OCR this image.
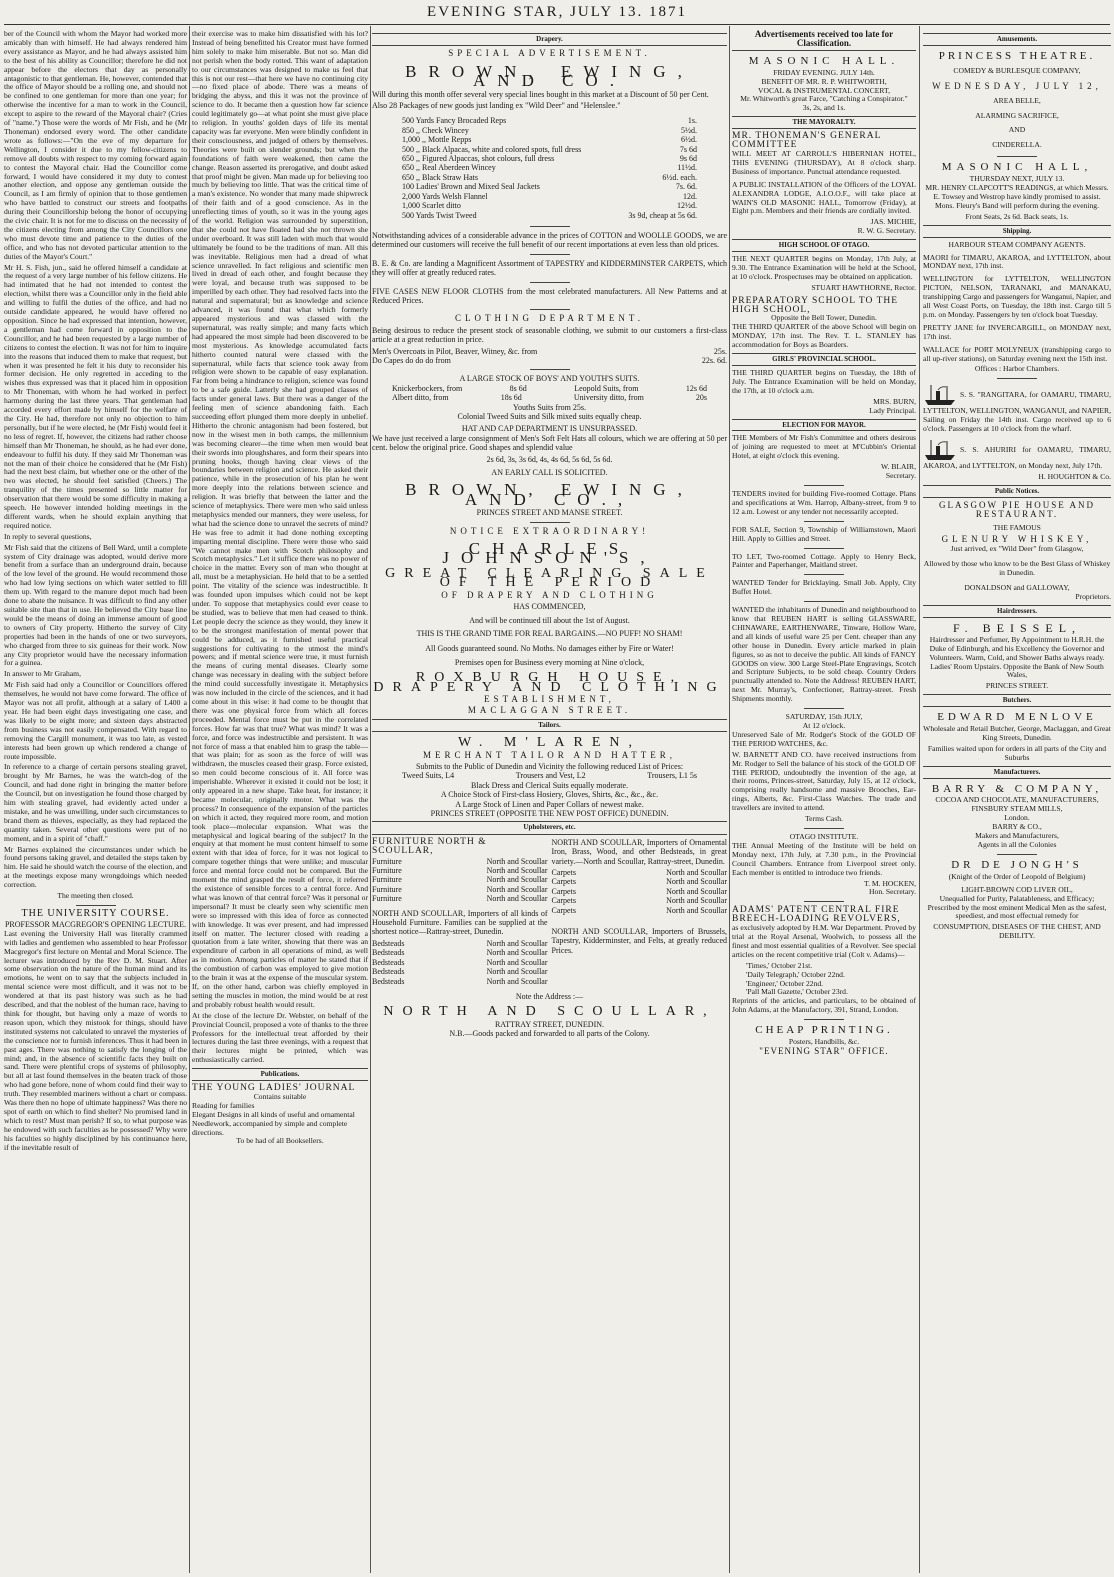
EVENING STAR, JULY 13. 1871

ber of the Council with whom the Mayor had worked more amicably than with himself. He had always rendered him every assistance as Mayor, and he had always assisted him to the best of his ability as Councillor; therefore he did not appear before the electors that day as personally antagonistic to that gentleman. He, however, contended that the office of Mayor should be a rolling one, and should not be confined to one gentleman for more than one year; for otherwise the incentive for a man to work in the Council, except to aspire to the reward of the Mayoral chair? (Cries of "name.") Those were the words of Mr Fish, and he (Mr Thoneman) endorsed every word. The other candidate wrote as follows:—"On the eve of my departure for Wellington, I consider it due to my fellow-citizens to remove all doubts with respect to my coming forward again to contest the Mayoral chair. Had the Councillor come forward, I would have considered it my duty to contest another election, and oppose any gentleman outside the Council, as I am firmly of opinion that to those gentlemen who have battled to construct our streets and footpaths during their Councillorship belong the honor of occupying the civic chair. It is not for me to discuss on the necessity of the citizens electing from among the City Councillors one who must devote time and patience to the duties of the office, and who has not devoted particular attention to the duties of the Mayor's Court."

Mr H. S. Fish, jun., said he offered himself a candidate at the request of a very large number of his fellow citizens. He had intimated that he had not intended to contest the election, whilst there was a Councillor only in the field able and willing to fulfil the duties of the office, and had no outside candidate appeared, he would have offered no opposition. Since he had expressed that intention, however, a gentleman had come forward in opposition to the Councillor, and he had been requested by a large number of citizens to contest the election. It was not for him to inquire into the reasons that induced them to make that request, but when it was presented he felt it his duty to reconsider his former decision. He only regretted in acceding to the wishes thus expressed was that it placed him in opposition to Mr Thoneman, with whom he had worked in perfect harmony during the last three years. That gentleman had accorded every effort made by himself for the welfare of the City. He had, therefore not only no objection to him personally, but if he were elected, he (Mr Fish) would feel it no less of regret. If, however, the citizens had rather choose himself than Mr Thoneman, he should, as he had ever done, endeavour to fulfil his duty. If they said Mr Thoneman was not the man of their choice he considered that he (Mr Fish) had the next best claim, but whether one or the other of the two was elected, he should feel satisfied (Cheers.) The tranquility of the times presented so little matter for observation that there would be some difficulty in making a speech. He however intended holding meetings in the different wards, when he should explain anything that required notice.

In reply to several questions,

Mr Fish said that the citizens of Bell Ward, until a complete system of City drainage was adopted, would derive more benefit from a surface than an underground drain, because of the low level of the ground. He would recommend those who had low lying sections on which water settled to fill them up. With regard to the manure depot much had been done to abate the nuisance. It was difficult to find any other suitable site than that in use. He believed the City base line would be the means of doing an immense amount of good to owners of City property. Hitherto the survey of City properties had been in the hands of one or two surveyors, who charged from three to six guineas for their work. Now any City proprietor would have the necessary information for a guinea.

In answer to Mr Graham,

Mr Fish said had only a Councillor or Councillors offered themselves, he would not have come forward. The office of Mayor was not all profit, although at a salary of L400 a year. He had been eight days investigating one case, and was likely to be eight more; and sixteen days abstracted from business was not easily compensated. With regard to removing the Cargill monument, it was too late, as vested interests had been grown up which rendered a change of route impossible.

In reference to a charge of certain persons stealing gravel, brought by Mr Barnes, he was the watch-dog of the Council, and had done right in bringing the matter before the Council, but on investigation he found those charged by him with stealing gravel, had evidently acted under a mistake, and he was unwilling, under such circumstances to brand them as thieves, especially, as they had replaced the quantity taken. Several other questions were put of no moment, and in a spirit of "chaff."

Mr Barnes explained the circumstances under which he found persons taking gravel, and detailed the steps taken by him. He said he should watch the course of the election, and at the meetings expose many wrongdoings which needed correction.

The meeting then closed.

THE UNIVERSITY COURSE.
PROFESSOR MACGREGOR'S OPENING LECTURE.

Last evening the University Hall was literally crammed with ladies and gentlemen who assembled to hear Professor Macgregor's first lecture on Mental and Moral Science. The lecturer was introduced by the Rev D. M. Stuart. After some observation on the nature of the human mind and its emotions, he went on to say that the subjects included in mental science were most difficult, and it was not to be wondered at that its past history was such as he had described, and that the noblest of the human race, having to think for thought, but having only a maze of words to reason upon, which they mistook for things, should have instituted systems not calculated to unravel the mysteries of the conscience nor to furnish inferences. Thus it had been in past ages. There was nothing to satisfy the longing of the mind; and, in the absence of scientific facts they built on sand. There were plentiful crops of systems of philosophy, but all at last found themselves in the beaten track of those who had gone before, none of whom could find their way to truth. They resembled mariners without a chart or compass. Was there then no hope of ultimate happiness? Was there no spot of earth on which to find shelter? No promised land in which to rest? Must man perish? If so, to what purpose was he endowed with such faculties as he possessed? Why were his faculties so highly disciplined by his continuance here, if the inevitable result of

their exercise was to make him dissatisfied with his lot? Instead of being benefitted his Creator must have formed him solely to make him miserable. But not so. Man did not perish when the body rotted. This want of adaptation to our circumstances was designed to make us feel that this is not our rest—that here we have no continuing city—no fixed place of abode. There was a means of bridging the abyss, and this it was not the province of science to do. It became then a question how far science could legitimately go—at what point she must give place to religion. In youths' golden days of life its mental capacity was far everyone. Men were blindly confident in their consciousness, and judged of others by themselves. Theories were built on slender grounds; but when the foundations of faith were weakened, then came the change. Reason asserted its prerogative, and doubt asked that proof might be given. Man made up for believing too much by believing too little. That was the critical time of a man's existence. No wonder that many made shipwreck of their faith and of a good conscience. As in the unreflecting times of youth, so it was in the young ages of the world. Religion was surrounded by superstition, that she could not have floated had she not thrown she under overboard. It was still laden with much that would ultimately be found to be the traditions of man. All this was inevitable. Religious men had a dread of what science unravelled. In fact religious and scientific men lived in dread of each other, and fought because they were loyal, and because truth was supposed to be imperilled by each other. They had resolved facts into the natural and supernatural; but as knowledge and science advanced, it was found that what which formerly appeared mysterious and was classed with the supernatural, was really simple; and many facts which had appeared the most simple had been discovered to be most mysterious. As knowledge accumulated facts hitherto counted natural were classed with the supernatural, while facts that science took away from religion were shown to be capable of easy explanation. Far from being a hindrance to religion, science was found to be a safe guide. Latterly she had grouped classes of facts under general laws. But there was a danger of the feeling men of science abandoning faith. Each succeeding effort plunged them more deeply in unbelief. Hitherto the chronic antagonism had been fostered, but now in the wisest men in both camps, the millennium was becoming clearer—the time when men would beat their swords into ploughshares, and form their spears into pruning hooks, though having clear views of the boundaries between religion and science. He asked their patience, while in the prosecution of his plan he went more deeply into the relations between science and religion. It was briefly that between the latter and the science of metaphysics. There were men who said unless metaphysics mended our manners, they were useless, for what had the science done to unravel the secrets of mind? He was free to admit it had done nothing excepting imparting mental discipline. There were those who said "We cannot make men with Scotch philosophy and Scotch metaphysics." Let it suffice there was no power of choice in the matter. Every son of man who thought at all, must be a metaphysician. He held that to be a settled point. The vitality of the science was indestructible. It was founded upon impulses which could not be kept under. To suppose that metaphysics could ever cease to be studied, was to believe that men had ceased to think. Let people decry the science as they would, they knew it to be the strongest manifestation of mental power that could be adduced, as it furnished useful practical suggestions for cultivating to the utmost the mind's powers; and if mental science were true, it must furnish the means of curing mental diseases. Clearly some change was necessary in dealing with the subject before the mind could successfully investigate it. Metaphysics was now included in the circle of the sciences, and it had come about in this wise: it had come to be thought that there was one physical force from which all forces proceeded. Mental force must be put in the correlated forces. How far was that true? What was mind? It was a force, and force was indestructible and persistent. It was not force of mass a that enabled him to grasp the table—that was plain; for as soon as the force of will was withdrawn, the muscles ceased their grasp. Force existed, so men could become conscious of it. All force was imperishable. Wherever it existed it could not be lost; it only appeared in a new shape. Take heat, for instance; it became molecular, originally motor. What was the process? In consequence of the expansion of the particles on which it acted, they required more room, and motion took place—molecular expansion. What was the metaphysical and logical bearing of the subject? In the enquiry at that moment he must content himself to some extent with that idea of force, for it was not logical to compare together things that were unlike; and muscular force and mental force could not be compared. But the moment the mind grasped the result of force, it referred the existence of sensible forces to a central force. And what was known of that central force? Was it personal or impersonal? It must be clearly seen why scientific men were so impressed with this idea of force as connected with knowledge. It was ever present, and had impressed itself on matter. The lecturer closed with reading a quotation from a late writer, showing that there was an expenditure of carbon in all operations of mind, as well as in motion. Among particles of matter he stated that if the combustion of carbon was employed to give motion to the brain it was at the expense of the muscular system. If, on the other hand, carbon was chiefly employed in setting the muscles in motion, the mind would be at rest and probably robust health would result.

At the close of the lecture Dr. Webster, on behalf of the Provincial Council, proposed a vote of thanks to the three Professors for the intellectual treat afforded by their lectures during the last three evenings, with a request that their lectures might be printed, which was enthusiastically carried.

Publications.
THE YOUNG LADIES' JOURNAL
Contains suitable
Reading for families
Elegant Designs in all kinds of useful and ornamental Needlework, accompanied by simple and complete directions.
To be had of all Booksellers.
Drapery.
SPECIAL ADVERTISEMENT.
BROWN, EWING, AND CO.

Will during this month offer several very special lines bought in this market at a Discount of 50 per Cent.

Also 28 Packages of new goods just landing ex "Wild Deer" and "Helenslee."

500 Yards Fancy Brocaded Reps	1s.
850 ,, Check Wincey	5½d.
1,000 ,, Mottle Repps	6½d.
500 ,, Black Alpacas, white and colored spots, full dress	7s 6d
650 ,, Figured Alpaccas, shot colours, full dress	9s 6d
650 ,, Real Aberdeen Wincey	11½d.
650 ,, Black Straw Hats	6½d. each.
100 Ladies' Brown and Mixed Seal Jackets	7s. 6d.
2,000 Yards Welsh Flannel	12d.
1,000 Scarlet ditto	12½d.
500 Yards Twist Tweed	3s 9d, cheap at 5s 6d.

Notwithstanding advices of a considerable advance in the prices of COTTON and WOOLLE GOODS, we are determined our customers will receive the full benefit of our recent importations at even less than old prices.

B. E. & Co. are landing a Magnificent Assortment of TAPESTRY and KIDDERMINSTER CARPETS, which they will offer at greatly reduced rates.

FIVE CASES NEW FLOOR CLOTHS from the most celebrated manufacturers. All New Patterns and at Reduced Prices.

CLOTHING DEPARTMENT.

Being desirous to reduce the present stock of seasonable clothing, we submit to our customers a first-class article at a great reduction in price.

Men's Overcoats in Pilot, Beaver, Witney, &c. from	25s.
Do Capes do do do from	22s. 6d.
A LARGE STOCK OF BOYS' AND YOUTH'S SUITS.
Knickerbockers, from	8s 6d	Leopold Suits, from	12s 6d
Albert ditto, from	18s 6d	University ditto, from	20s
Youths Suits from 25s.
Colonial Tweed Suits and Silk mixed suits equally cheap.
HAT AND CAP DEPARTMENT IS UNSURPASSED.

We have just received a large consignment of Men's Soft Felt Hats all colours, which we are offering at 50 per cent. below the original price. Good shapes and splendid value

2s 6d, 3s, 3s 6d, 4s, 4s 6d, 5s 6d, 5s 6d.
AN EARLY CALL IS SOLICITED.
BROWN, EWING, AND CO.,
PRINCES STREET AND MANSE STREET.
NOTICE EXTRAORDINARY!
CHARLES JOHNSON'S,
GREAT CLEARING SALE OF THE PERIOD
OF DRAPERY AND CLOTHING
HAS COMMENCED,
And will be continued till about the 1st of August.
THIS IS THE GRAND TIME FOR REAL BARGAINS.—NO PUFF! NO SHAM!
All Goods guaranteed sound. No Moths. No damages either by Fire or Water!
Premises open for Business every morning at Nine o'clock,
ROXBURGH HOUSE, DRAPERY AND CLOTHING
ESTABLISHMENT,
MACLAGGAN STREET.
Tailors.
W. M'LAREN,
MERCHANT TAILOR AND HATTER,
Submits to the Public of Dunedin and Vicinity the following reduced List of Prices:
Tweed Suits, L4	Trousers and Vest, L2	Trousers, L1 5s
Black Dress and Clerical Suits equally moderate.
A Choice Stock of First-class Hosiery, Gloves, Shirts, &c., &c., &c.
A Large Stock of Linen and Paper Collars of newest make.
PRINCES STREET (OPPOSITE THE NEW POST OFFICE) DUNEDIN.
Upholsterers, etc.
FURNITURE NORTH & SCOULLAR,
Furniture	North and Scoullar
Furniture	North and Scoullar
Furniture	North and Scoullar
Furniture	North and Scoullar
Furniture	North and Scoullar

NORTH AND SCOULLAR, Importers of all kinds of Household Furniture. Families can be supplied at the shortest notice—Rattray-street, Dunedin.

Bedsteads	North and Scoullar
Bedsteads	North and Scoullar
Bedsteads	North and Scoullar
Bedsteads	North and Scoullar
Bedsteads	North and Scoullar

NORTH AND SCOULLAR, Importers of Ornamental Iron, Brass, Wood, and other Bedsteads, in great variety.—North and Scoullar, Rattray-street, Dunedin.

Carpets	North and Scoullar
Carpets	North and Scoullar
Carpets	North and Scoullar
Carpets	North and Scoullar
Carpets	North and Scoullar

NORTH AND SCOULLAR, Importers of Brussels, Tapestry, Kidderminster, and Felts, at greatly reduced Prices.

Note the Address :—
NORTH AND SCOULLAR,
RATTRAY STREET, DUNEDIN.
N.B.—Goods packed and forwarded to all parts of the Colony.
Advertisements received too late for Classification.
MASONIC HALL.
FRIDAY EVENING. JULY 14th.
BENEFIT OF MR. R. P. WHITWORTH,
VOCAL & INSTRUMENTAL CONCERT,
Mr. Whitworth's great Farce, "Catching a Conspirator."
3s, 2s, and 1s.
THE MAYORALTY.
MR. THONEMAN'S GENERAL COMMITTEE

WILL MEET AT CARROLL'S HIBERNIAN HOTEL, THIS EVENING (THURSDAY), At 8 o'clock sharp. Business of importance. Punctual attendance requested.

A PUBLIC INSTALLATION of the Officers of the LOYAL ALEXANDRA LODGE, A.I.O.O.F., will take place at WAIN'S OLD MASONIC HALL, Tomorrow (Friday), at Eight p.m. Members and their friends are cordially invited.

JAS. MICHIE,
R. W. G. Secretary.
HIGH SCHOOL OF OTAGO.

THE NEXT QUARTER begins on Monday, 17th July, at 9.30. The Entrance Examination will be held at the School, at 10 o'clock. Prospectuses may be obtained on application.

STUART HAWTHORNE, Rector.
PREPARATORY SCHOOL TO THE HIGH SCHOOL,
Opposite the Bell Tower, Dunedin.

THE THIRD QUARTER of the above School will begin on MONDAY, 17th inst. The Rev. T. L. STANLEY has accommodation for Boys as Boarders.

GIRLS' PROVINCIAL SCHOOL.

THE THIRD QUARTER begins on Tuesday, the 18th of July. The Entrance Examination will be held on Monday, the 17th, at 10 o'clock a.m.

MRS. BURN,
Lady Principal.
ELECTION FOR MAYOR.

THE Members of Mr Fish's Committee and others desirous of joining are requested to meet at M'Cubbin's Oriental Hotel, at eight o'clock this evening.

W. BLAIR,
Secretary.

TENDERS invited for building Five-roomed Cottage. Plans and specifications at Wm. Harrop, Albany-street, from 9 to 12 a.m. Lowest or any tender not necessarily accepted.

FOR SALE, Section 9, Township of Williamstown, Maori Hill. Apply to Gillies and Street.

TO LET, Two-roomed Cottage. Apply to Henry Beck, Painter and Paperhanger, Maitland street.

WANTED Tender for Bricklaying. Small Job. Apply, City Buffet Hotel.

WANTED the inhabitants of Dunedin and neighbourhood to know that REUBEN HART is selling GLASSWARE, CHINAWARE, EARTHENWARE, Tinware, Hollow Ware, and all kinds of useful ware 25 per Cent. cheaper than any other house in Dunedin. Every article marked in plain figures, so as not to deceive the public. All kinds of FANCY GOODS on view. 300 Large Steel-Plate Engravings, Scotch and Scripture Subjects, to be sold cheap. Country Orders punctually attended to. Note the Address! REUBEN HART, next Mr. Murray's, Confectioner, Rattray-street. Fresh Shipments monthly.

SATURDAY, 15th JULY,
At 12 o'clock.

Unreserved Sale of Mr. Rodger's Stock of the GOLD OF THE PERIOD WATCHES, &c.

W. BARNETT AND CO. have received instructions from Mr. Rodger to Sell the balance of his stock of the GOLD OF THE PERIOD, undoubtedly the invention of the age, at their rooms, Princes-street, Saturday, July 15, at 12 o'clock, comprising really handsome and massive Brooches, Ear-rings, Alberts, &c. First-Class Watches. The trade and travellers are invited to attend.

Terms Cash.
OTAGO INSTITUTE.

THE Annual Meeting of the Institute will be held on Monday next, 17th July, at 7.30 p.m., in the Provincial Council Chambers. Entrance from Liverpool street only. Each member is entitled to introduce two friends.

T. M. HOCKEN,
Hon. Secretary.
ADAMS' PATENT CENTRAL FIRE BREECH-LOADING REVOLVERS,

as exclusively adopted by H.M. War Department. Proved by trial at the Royal Arsenal, Woolwich, to possess all the finest and most essential qualities of a Revolver. See special articles on the recent competitive trial (Colt v. Adams)—

'Times,' October 21st.
'Daily Telegraph,' October 22nd.
'Engineer,' October 22nd.
'Pall Mall Gazette,' October 23rd.

Reprints of the articles, and particulars, to be obtained of John Adams, at the Manufactory, 391, Strand, London.

CHEAP PRINTING.
Posters, Handbills, &c.
"EVENING STAR" OFFICE.
Amusements.
PRINCESS THEATRE.
COMEDY & BURLESQUE COMPANY,
WEDNESDAY, JULY 12,
AREA BELLE,
ALARMING SACRIFICE,
AND
CINDERELLA.
MASONIC HALL,
THURSDAY NEXT, JULY 13.

MR. HENRY CLAPCOTT'S READINGS, at which Messrs. E. Towsey and Westrop have kindly promised to assist. Mons. Fleury's Band will perform during the evening.

Front Seats, 2s 6d. Back seats, 1s.
Shipping.
HARBOUR STEAM COMPANY AGENTS.

MAORI for TIMARU, AKAROA, and LYTTELTON, about MONDAY next, 17th inst.

WELLINGTON for LYTTELTON, WELLINGTON PICTON, NELSON, TARANAKI, and MANAKAU, transhipping Cargo and passengers for Wanganui, Napier, and all West Coast Ports, on Tuesday, the 18th inst. Cargo till 5 p.m. on Monday. Passengers by ten o'clock boat Tuesday.

PRETTY JANE for INVERCARGILL, on MONDAY next, 17th inst.

WALLACE for PORT MOLYNEUX (transhipping cargo to all up-river stations), on Saturday evening next the 15th inst.

Offices : Harbor Chambers.

S. S. "RANGITARA, for OAMARU, TIMARU, LYTTELTON, WELLINGTON, WANGANUI, and NAPIER, Sailing on Friday the 14th inst. Cargo received up to 6 o'clock. Passengers at 10 o'clock from the wharf.

S. S. AHURIRI for OAMARU, TIMARU, AKAROA, and LYTTELTON, on Monday next, July 17th.

H. HOUGHTON & Co.
Public Notices.
GLASGOW PIE HOUSE AND RESTAURANT.
THE FAMOUS
GLENURY WHISKEY,
Just arrived, ex "Wild Deer" from Glasgow,

Allowed by those who know to be the Best Glass of Whiskey in Dunedin.

DONALDSON and GALLOWAY,
Proprietors.
Hairdressers.
F. BEISSEL,

Hairdresser and Perfumer, By Appointment to H.R.H. the Duke of Edinburgh, and his Excellency the Governor and Volunteers. Warm, Cold, and Shower Baths always ready. Ladies' Room Upstairs. Opposite the Bank of New South Wales,

PRINCES STREET.
Butchers.
EDWARD MENLOVE

Wholesale and Retail Butcher, George, Maclaggan, and Great King Streets, Dunedin.

Families waited upon for orders in all parts of the City and Suburbs

Manufacturers.
BARRY & COMPANY,
COCOA AND CHOCOLATE, MANUFACTURERS,
FINSBURY STEAM MILLS,
London.
BARRY & CO.,
Makers and Manufacturers,
Agents in all the Colonies
DR DE JONGH'S
(Knight of the Order of Leopold of Belgium)
LIGHT-BROWN COD LIVER OIL,

Unequalled for Purity, Palatableness, and Efficacy; Prescribed by the most eminent Medical Men as the safest, speediest, and most effectual remedy for

CONSUMPTION, DISEASES OF THE CHEST, AND DEBILITY.
